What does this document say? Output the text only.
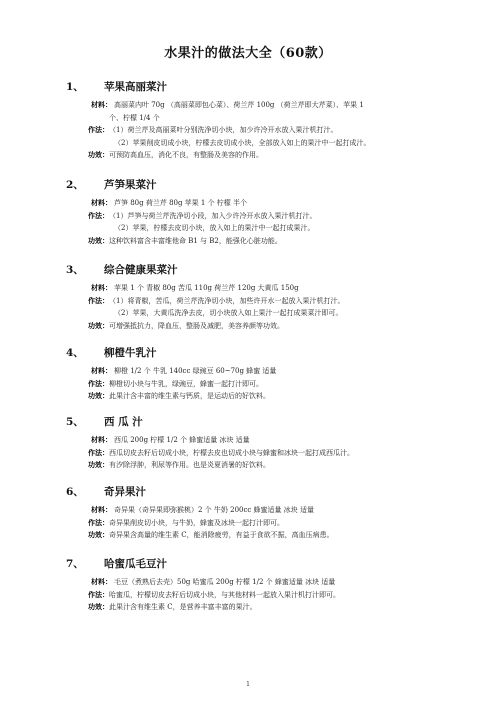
水果汁的做法大全（60款）
1、 苹果高丽菜汁
材料： 高丽菜内叶 70g （高丽菜即包心菜）、荷兰芹 100g （荷兰芹即大芹菜）、苹果 1
个、柠檬 1/4 个
作法： （1）荷兰芹及高丽菜叶分别洗净切小块，加少许冷开水放入果汁机打汁。
（2）苹果削皮切成小块，柠檬去皮切成小块，全部放入如上的果汁中一起打成汁。
功效： 可预防高血压，消化不良，有整肠及美容的作用。
2、 芦笋果菜汁
材料： 芦笋 80g 荷兰芹 80g 苹果 1 个 柠檬 半个
作法： （1）芦笋与荷兰芹洗净切小段，加入少许冷开水放入果汁机打汁。
（2）苹果，柠檬去皮切小块，放入如上的果汁中一起打成果汁。
功效： 这种饮料富含丰富维他命 B1 与 B2，能强化心脏功能。
3、 综合健康果菜汁
材料： 苹果 1 个 青椒 80g 苦瓜 110g 荷兰芹 120g 大黄瓜 150g
作法： （1）将青椒，苦瓜，荷兰芹洗净切小块，加些许开水一起放入果汁机打汁。
（2）苹果，大黄瓜洗净去皮，切小块放入如上果汁一起打成果菜汁即可。
功效： 可增强抵抗力，降血压，整肠及减肥，美容养颜等功效。
4、 柳橙牛乳汁
材料： 柳橙 1/2 个 牛乳 140cc 绿豌豆 60~70g 蜂蜜 适量
作法： 柳橙切小块与牛乳，绿豌豆，蜂蜜一起打汁即可。
功效： 此果汁含丰富的维生素与钙质，是运动后的好饮料。
5、 西 瓜 汁
材料： 西瓜 200g 柠檬 1/2 个 蜂蜜适量 冰块 适量
作法： 西瓜切皮去籽后切成小块，柠檬去皮也切成小块与蜂蜜和冰块一起打成西瓜汁。
功效： 有汐除浮肿，利尿等作用。也是炎夏消暑的好饮料。
6、 奇异果汁
材料： 奇异果（奇异果即弥猴桃）2 个 牛奶 200cc 蜂蜜适量 冰块 适量
作法： 奇异果削皮切小块，与牛奶，蜂蜜及冰块一起打汁即可。
功效： 奇异果含高量的维生素 C，能消除疲劳，有益于食欲不振，高血压病患。
7、 哈蜜瓜毛豆汁
材料： 毛豆（煮熟后去壳）50g 哈蜜瓜 200g 柠檬 1/2 个 蜂蜜适量 冰块 适量
作法： 哈蜜瓜，柠檬切皮去籽后切成小块，与其他材料一起放入果汁机打汁即可。
功效： 此果汁含有维生素 C，是营养丰富丰富的果汁。
1
